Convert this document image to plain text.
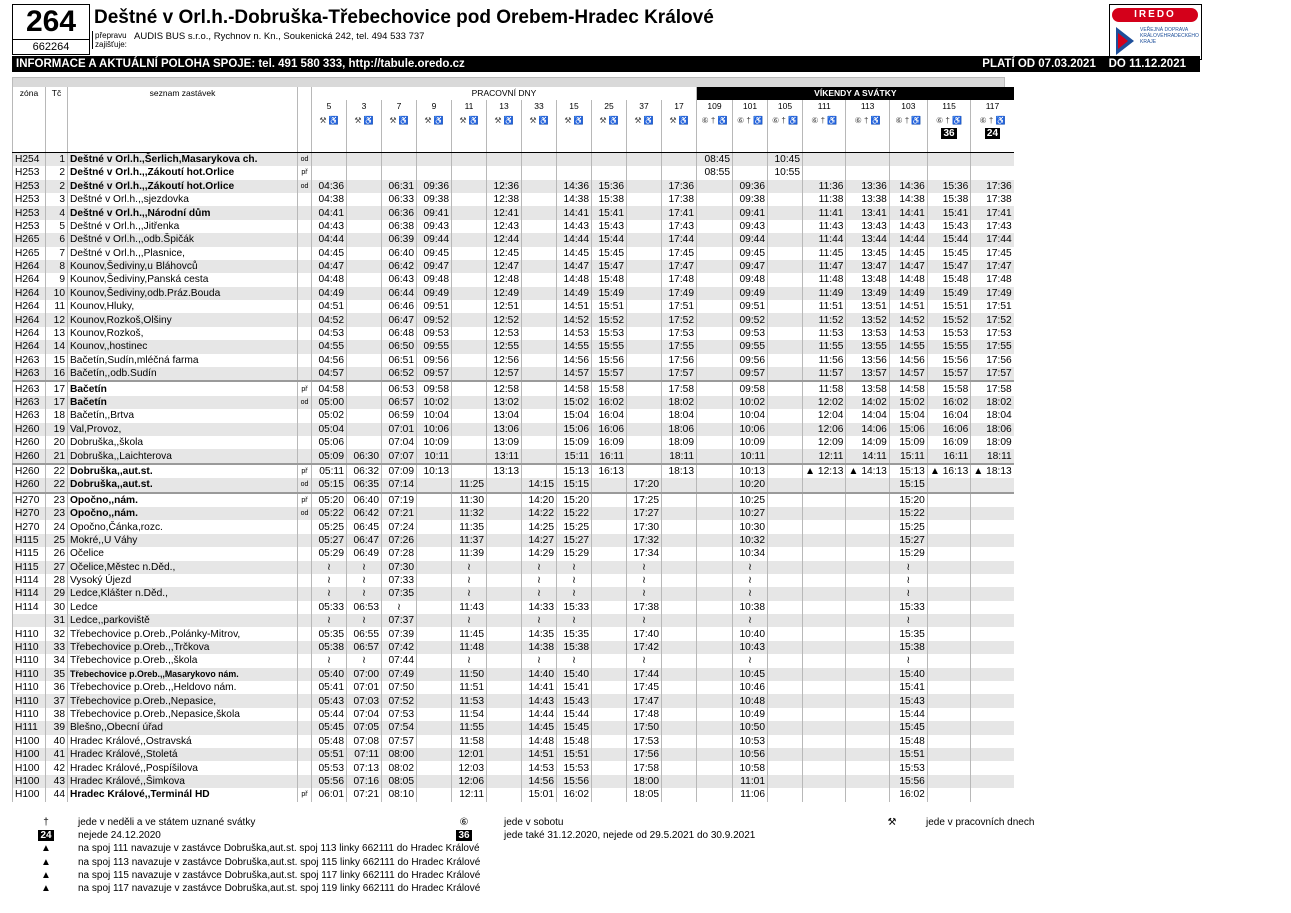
264
662264
Deštné v Orl.h.-Dobruška-Třebechovice pod Orebem-Hradec Králové
přepravu
zajišťuje:
AUDIS BUS s.r.o., Rychnov n. Kn., Soukenická 242, tel. 494 533 737
IREDO
VEŘEJNÁ DOPRAVA KRÁLOVÉHRADECKÉHO KRAJE
INFORMACE A AKTUÁLNÍ POLOHA SPOJE: tel. 491 580 333, http://tabule.oredo.cz	PLATÍ OD 07.03.2021 DO 11.12.2021
zóna	Tč	seznam zastávek		PRACOVNÍ DNY											VÍKENDY A SVÁTKY							
				5	3	7	9	11	13	33	15	25	37	17	109	101	105	111	113	103	115	117

				⚒ ♿	⚒ ♿	⚒ ♿	⚒ ♿	⚒ ♿	⚒ ♿	⚒ ♿	⚒ ♿	⚒ ♿	⚒ ♿	⚒ ♿	⑥ † ♿	⑥ † ♿	⑥ † ♿	⑥ † ♿	⑥ † ♿	⑥ † ♿	⑥ † ♿
36	⑥ † ♿
24
H254	1	Deštné v Orl.h.,Šerlich,Masarykova ch.	od												08:45		10:45					
H253	2	Deštné v Orl.h.,,Zákoutí hot.Orlice	př												08:55		10:55					
H253	2	Deštné v Orl.h.,,Zákoutí hot.Orlice	od	04:36		06:31	09:36		12:36		14:36	15:36		17:36		09:36		11:36	13:36	14:36	15:36	17:36
H253	3	Deštné v Orl.h.,,sjezdovka		04:38		06:33	09:38		12:38		14:38	15:38		17:38		09:38		11:38	13:38	14:38	15:38	17:38
H253	4	Deštné v Orl.h.,,Národní dům		04:41		06:36	09:41		12:41		14:41	15:41		17:41		09:41		11:41	13:41	14:41	15:41	17:41
H253	5	Deštné v Orl.h.,,Jitřenka		04:43		06:38	09:43		12:43		14:43	15:43		17:43		09:43		11:43	13:43	14:43	15:43	17:43
H265	6	Deštné v Orl.h.,,odb.Špičák		04:44		06:39	09:44		12:44		14:44	15:44		17:44		09:44		11:44	13:44	14:44	15:44	17:44
H265	7	Deštné v Orl.h.,,Plasnice,		04:45		06:40	09:45		12:45		14:45	15:45		17:45		09:45		11:45	13:45	14:45	15:45	17:45
H264	8	Kounov,Šediviny,u Bláhovců		04:47		06:42	09:47		12:47		14:47	15:47		17:47		09:47		11:47	13:47	14:47	15:47	17:47
H264	9	Kounov,Šediviny,Panská cesta		04:48		06:43	09:48		12:48		14:48	15:48		17:48		09:48		11:48	13:48	14:48	15:48	17:48
H264	10	Kounov,Šediviny,odb.Práz.Bouda		04:49		06:44	09:49		12:49		14:49	15:49		17:49		09:49		11:49	13:49	14:49	15:49	17:49
H264	11	Kounov,Hluky,		04:51		06:46	09:51		12:51		14:51	15:51		17:51		09:51		11:51	13:51	14:51	15:51	17:51
H264	12	Kounov,Rozkoš,Olšiny		04:52		06:47	09:52		12:52		14:52	15:52		17:52		09:52		11:52	13:52	14:52	15:52	17:52
H264	13	Kounov,Rozkoš,		04:53		06:48	09:53		12:53		14:53	15:53		17:53		09:53		11:53	13:53	14:53	15:53	17:53
H264	14	Kounov,,hostinec		04:55		06:50	09:55		12:55		14:55	15:55		17:55		09:55		11:55	13:55	14:55	15:55	17:55
H263	15	Bačetín,Sudín,mléčná farma		04:56		06:51	09:56		12:56		14:56	15:56		17:56		09:56		11:56	13:56	14:56	15:56	17:56
H263	16	Bačetín,,odb.Sudín		04:57		06:52	09:57		12:57		14:57	15:57		17:57		09:57		11:57	13:57	14:57	15:57	17:57
H263	17	Bačetín	př	04:58		06:53	09:58		12:58		14:58	15:58		17:58		09:58		11:58	13:58	14:58	15:58	17:58
H263	17	Bačetín	od	05:00		06:57	10:02		13:02		15:02	16:02		18:02		10:02		12:02	14:02	15:02	16:02	18:02
H263	18	Bačetín,,Brtva		05:02		06:59	10:04		13:04		15:04	16:04		18:04		10:04		12:04	14:04	15:04	16:04	18:04
H260	19	Val,Provoz,		05:04		07:01	10:06		13:06		15:06	16:06		18:06		10:06		12:06	14:06	15:06	16:06	18:06
H260	20	Dobruška,,škola		05:06		07:04	10:09		13:09		15:09	16:09		18:09		10:09		12:09	14:09	15:09	16:09	18:09
H260	21	Dobruška,,Laichterova		05:09	06:30	07:07	10:11		13:11		15:11	16:11		18:11		10:11		12:11	14:11	15:11	16:11	18:11
H260	22	Dobruška,,aut.st.	př	05:11	06:32	07:09	10:13		13:13		15:13	16:13		18:13		10:13		▲ 12:13	▲ 14:13	15:13	▲ 16:13	▲ 18:13
H260	22	Dobruška,,aut.st.	od	05:15	06:35	07:14		11:25		14:15	15:15		17:20			10:20				15:15		
H270	23	Opočno,,nám.	př	05:20	06:40	07:19		11:30		14:20	15:20		17:25			10:25				15:20		
H270	23	Opočno,,nám.	od	05:22	06:42	07:21		11:32		14:22	15:22		17:27			10:27				15:22		
H270	24	Opočno,Čánka,rozc.		05:25	06:45	07:24		11:35		14:25	15:25		17:30			10:30				15:25		
H115	25	Mokré,,U Váhy		05:27	06:47	07:26		11:37		14:27	15:27		17:32			10:32				15:27		
H115	26	Očelice		05:29	06:49	07:28		11:39		14:29	15:29		17:34			10:34				15:29		
H115	27	Očelice,Městec n.Děd.,		≀	≀	07:30		≀		≀	≀		≀			≀				≀		
H114	28	Vysoký Újezd		≀	≀	07:33		≀		≀	≀		≀			≀				≀		
H114	29	Ledce,Klášter n.Děd.,		≀	≀	07:35		≀		≀	≀		≀			≀				≀		
H114	30	Ledce		05:33	06:53	≀		11:43		14:33	15:33		17:38			10:38				15:33		
	31	Ledce,,parkoviště		≀	≀	07:37		≀		≀	≀		≀			≀				≀		
H110	32	Třebechovice p.Oreb.,Polánky-Mitrov,		05:35	06:55	07:39		11:45		14:35	15:35		17:40			10:40				15:35		
H110	33	Třebechovice p.Oreb.,,Trčkova		05:38	06:57	07:42		11:48		14:38	15:38		17:42			10:43				15:38		
H110	34	Třebechovice p.Oreb.,,škola		≀	≀	07:44		≀		≀	≀		≀			≀				≀		
H110	35	Třebechovice p.Oreb.,,Masarykovo nám.		05:40	07:00	07:49		11:50		14:40	15:40		17:44			10:45				15:40		
H110	36	Třebechovice p.Oreb.,,Heldovo nám.		05:41	07:01	07:50		11:51		14:41	15:41		17:45			10:46				15:41		
H110	37	Třebechovice p.Oreb.,Nepasice,		05:43	07:03	07:52		11:53		14:43	15:43		17:47			10:48				15:43		
H110	38	Třebechovice p.Oreb.,Nepasice,škola		05:44	07:04	07:53		11:54		14:44	15:44		17:48			10:49				15:44		
H111	39	Blešno,,Obecní úřad		05:45	07:05	07:54		11:55		14:45	15:45		17:50			10:50				15:45		
H100	40	Hradec Králové,,Ostravská		05:48	07:08	07:57		11:58		14:48	15:48		17:53			10:53				15:48		
H100	41	Hradec Králové,,Stoletá		05:51	07:11	08:00		12:01		14:51	15:51		17:56			10:56				15:51		
H100	42	Hradec Králové,,Pospíšilova		05:53	07:13	08:02		12:03		14:53	15:53		17:58			10:58				15:53		
H100	43	Hradec Králové,,Šimkova		05:56	07:16	08:05		12:06		14:56	15:56		18:00			11:01				15:56		
H100	44	Hradec Králové,,Terminál HD	př	06:01	07:21	08:10		12:11		15:01	16:02		18:05			11:06				16:02		
†	jede v neděli a ve státem uznané svátky	⑥	jede v sobotu	⚒	jede v pracovních dnech
24	nejede 24.12.2020	36	jede také 31.12.2020, nejede od 29.5.2021 do 30.9.2021
▲	na spoj 111 navazuje v zastávce Dobruška,aut.st. spoj 113 linky 662111 do Hradec Králové
▲	na spoj 113 navazuje v zastávce Dobruška,aut.st. spoj 115 linky 662111 do Hradec Králové
▲	na spoj 115 navazuje v zastávce Dobruška,aut.st. spoj 117 linky 662111 do Hradec Králové
▲	na spoj 117 navazuje v zastávce Dobruška,aut.st. spoj 119 linky 662111 do Hradec Králové
